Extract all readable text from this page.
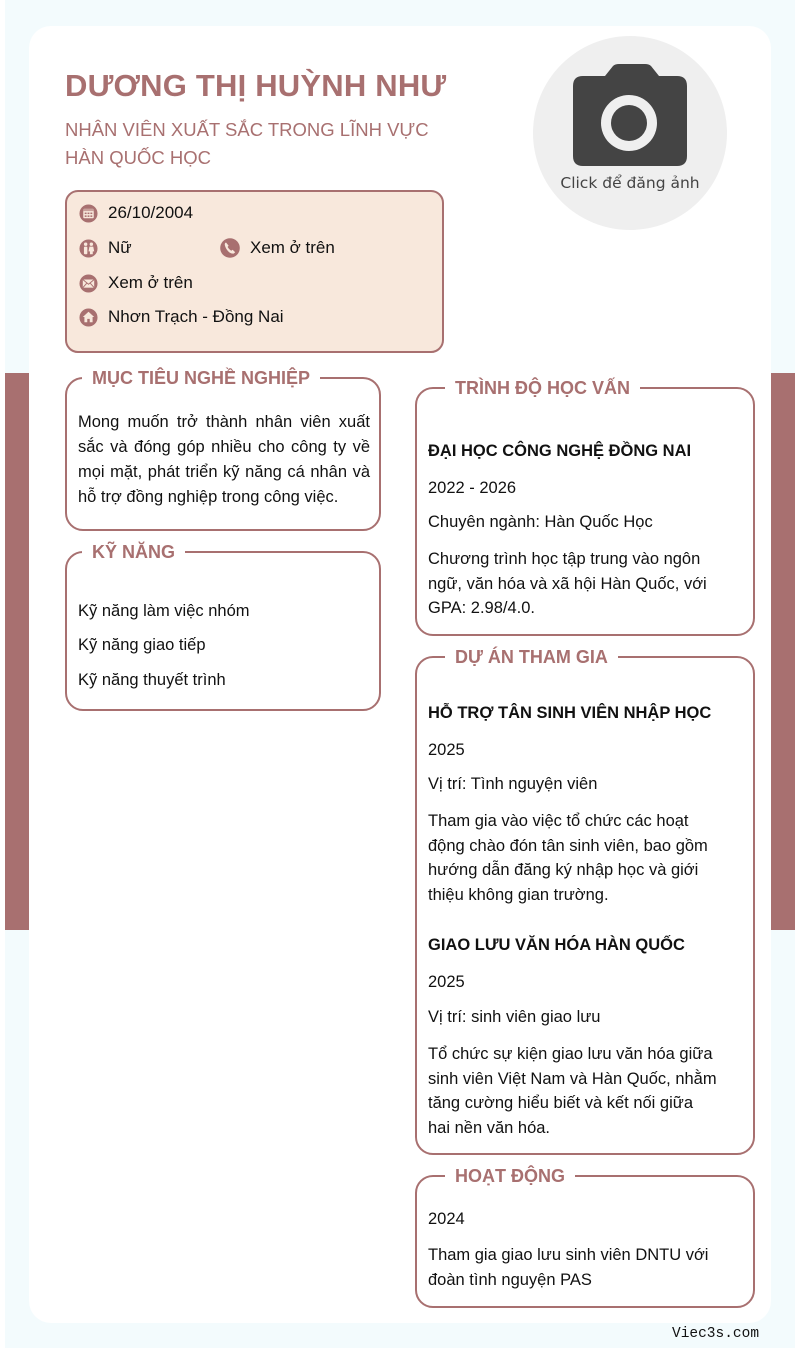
DƯƠNG THỊ HUỲNH NHƯ
NHÂN VIÊN XUẤT SẮC TRONG LĨNH VỰC
HÀN QUỐC HỌC
Click để đăng ảnh
26/10/2004
Nữ	Xem ở trên
Xem ở trên
Nhơn Trạch - Đồng Nai
MỤC TIÊU NGHỀ NGHIỆP
Mong muốn trở thành nhân viên xuất sắc và đóng góp nhiều cho công ty về mọi mặt, phát triển kỹ năng cá nhân và hỗ trợ đồng nghiệp trong công việc.
KỸ NĂNG
Kỹ năng làm việc nhóm
Kỹ năng giao tiếp
Kỹ năng thuyết trình
TRÌNH ĐỘ HỌC VẤN
ĐẠI HỌC CÔNG NGHỆ ĐỒNG NAI
2022 - 2026
Chuyên ngành: Hàn Quốc Học
Chương trình học tập trung vào ngôn
ngữ, văn hóa và xã hội Hàn Quốc, với
GPA: 2.98/4.0.
DỰ ÁN THAM GIA
HỖ TRỢ TÂN SINH VIÊN NHẬP HỌC
2025
Vị trí: Tình nguyện viên
Tham gia vào việc tổ chức các hoạt
động chào đón tân sinh viên, bao gồm
hướng dẫn đăng ký nhập học và giới
thiệu không gian trường.
GIAO LƯU VĂN HÓA HÀN QUỐC
2025
Vị trí: sinh viên giao lưu
Tổ chức sự kiện giao lưu văn hóa giữa
sinh viên Việt Nam và Hàn Quốc, nhằm
tăng cường hiểu biết và kết nối giữa
hai nền văn hóa.
HOẠT ĐỘNG
2024
Tham gia giao lưu sinh viên DNTU với
đoàn tình nguyện PAS
Viec3s.com
